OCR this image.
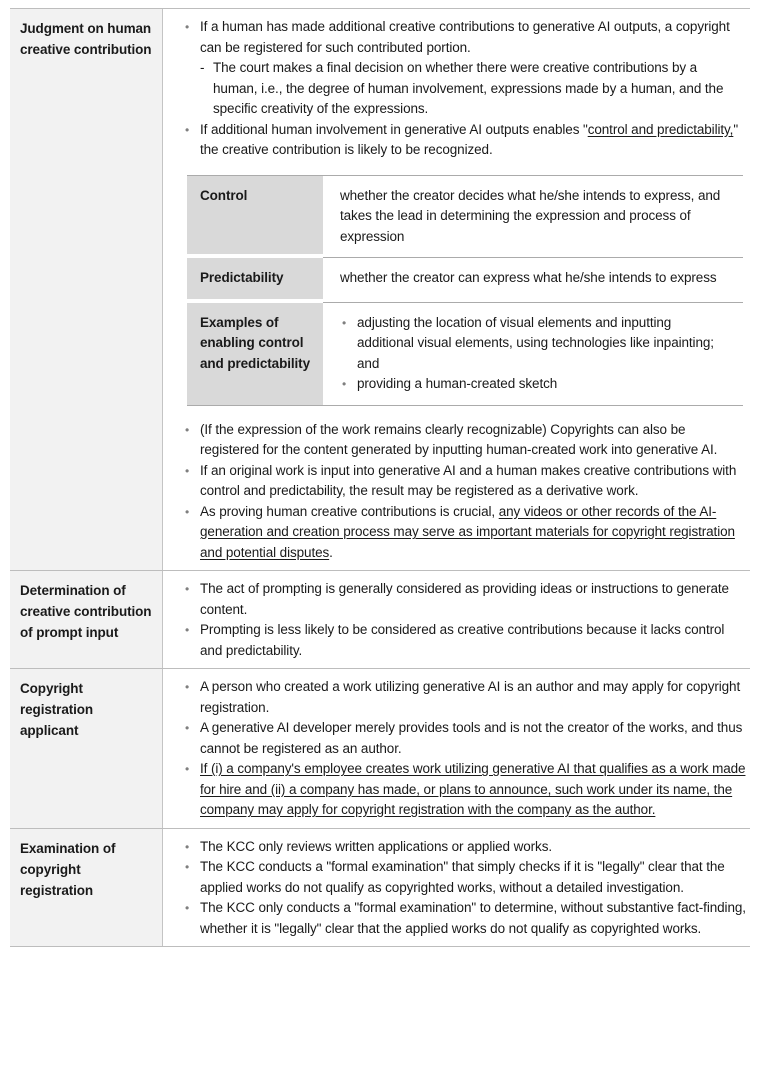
Judgment on human creative contribution
• If a human has made additional creative contributions to generative AI outputs, a copyright can be registered for such contributed portion.
- The court makes a final decision on whether there were creative contributions by a human, i.e., the degree of human involvement, expressions made by a human, and the specific creativity of the expressions.
• If additional human involvement in generative AI outputs enables "control and predictability," the creative contribution is likely to be recognized.
Control	whether the creator decides what he/she intends to express, and takes the lead in determining the expression and process of expression
Predictability	whether the creator can express what he/she intends to express
Examples of enabling control and predictability
• adjusting the location of visual elements and inputting additional visual elements, using technologies like inpainting; and
• providing a human-created sketch
• (If the expression of the work remains clearly recognizable) Copyrights can also be registered for the content generated by inputting human-created work into generative AI.
• If an original work is input into generative AI and a human makes creative contributions with control and predictability, the result may be registered as a derivative work.
• As proving human creative contributions is crucial, any videos or other records of the AI-generation and creation process may serve as important materials for copyright registration and potential disputes.
Determination of creative contribution of prompt input
• The act of prompting is generally considered as providing ideas or instructions to generate content.
• Prompting is less likely to be considered as creative contributions because it lacks control and predictability.
Copyright registration applicant
• A person who created a work utilizing generative AI is an author and may apply for copyright registration.
• A generative AI developer merely provides tools and is not the creator of the works, and thus cannot be registered as an author.
• If (i) a company's employee creates work utilizing generative AI that qualifies as a work made for hire and (ii) a company has made, or plans to announce, such work under its name, the company may apply for copyright registration with the company as the author.
Examination of copyright registration
• The KCC only reviews written applications or applied works.
• The KCC conducts a "formal examination" that simply checks if it is "legally" clear that the applied works do not qualify as copyrighted works, without a detailed investigation.
• The KCC only conducts a "formal examination" to determine, without substantive fact-finding, whether it is "legally" clear that the applied works do not qualify as copyrighted works.
